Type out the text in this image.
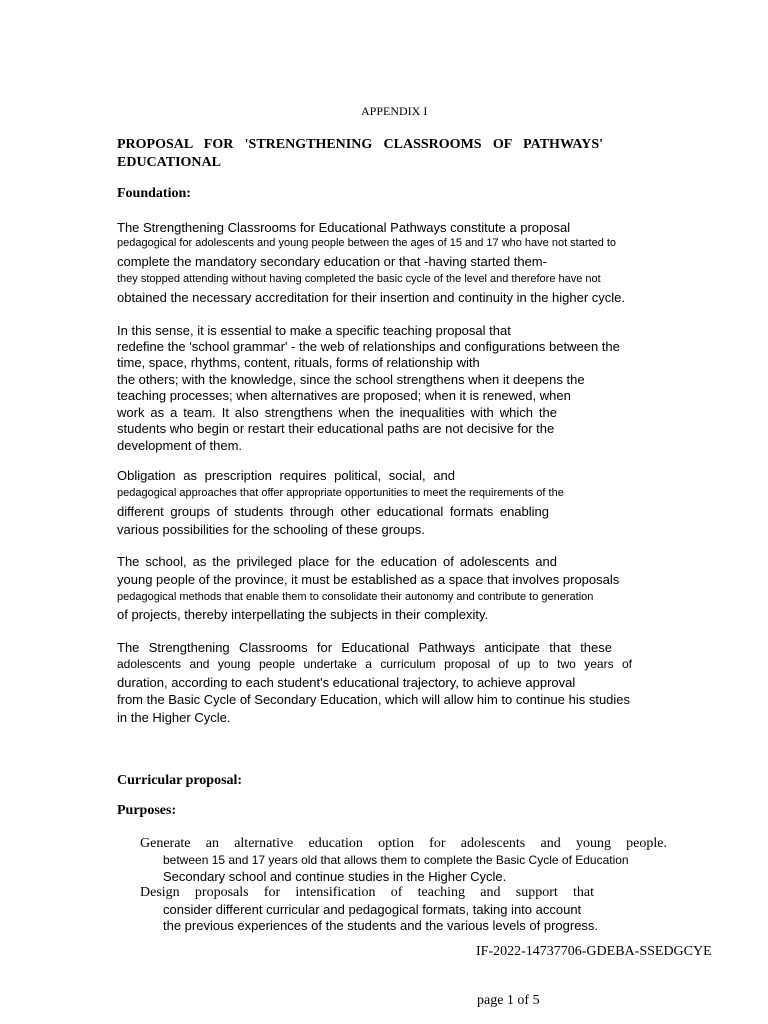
APPENDIX I

PROPOSAL FOR 'STRENGTHENING CLASSROOMS OF PATHWAYS'

EDUCATIONAL

Foundation:

The Strengthening Classrooms for Educational Pathways constitute a proposal

pedagogical for adolescents and young people between the ages of 15 and 17 who have not started to

complete the mandatory secondary education or that -having started them-

they stopped attending without having completed the basic cycle of the level and therefore have not

obtained the necessary accreditation for their insertion and continuity in the higher cycle.

In this sense, it is essential to make a specific teaching proposal that

redefine the 'school grammar' - the web of relationships and configurations between the

time, space, rhythms, content, rituals, forms of relationship with

the others; with the knowledge, since the school strengthens when it deepens the

teaching processes; when alternatives are proposed; when it is renewed, when

work as a team. It also strengthens when the inequalities with which the

students who begin or restart their educational paths are not decisive for the

development of them.

Obligation as prescription requires political, social, and

pedagogical approaches that offer appropriate opportunities to meet the requirements of the

different groups of students through other educational formats enabling

various possibilities for the schooling of these groups.

The school, as the privileged place for the education of adolescents and

young people of the province, it must be established as a space that involves proposals

pedagogical methods that enable them to consolidate their autonomy and contribute to generation

of projects, thereby interpellating the subjects in their complexity.

The Strengthening Classrooms for Educational Pathways anticipate that these

adolescents and young people undertake a curriculum proposal of up to two years of

duration, according to each student's educational trajectory, to achieve approval

from the Basic Cycle of Secondary Education, which will allow him to continue his studies

in the Higher Cycle.

Curricular proposal:

Purposes:

Generate an alternative education option for adolescents and young people.

between 15 and 17 years old that allows them to complete the Basic Cycle of Education

Secondary school and continue studies in the Higher Cycle.

Design proposals for intensification of teaching and support that

consider different curricular and pedagogical formats, taking into account

the previous experiences of the students and the various levels of progress.

IF-2022-14737706-GDEBA-SSEDGCYE

page 1 of 5
